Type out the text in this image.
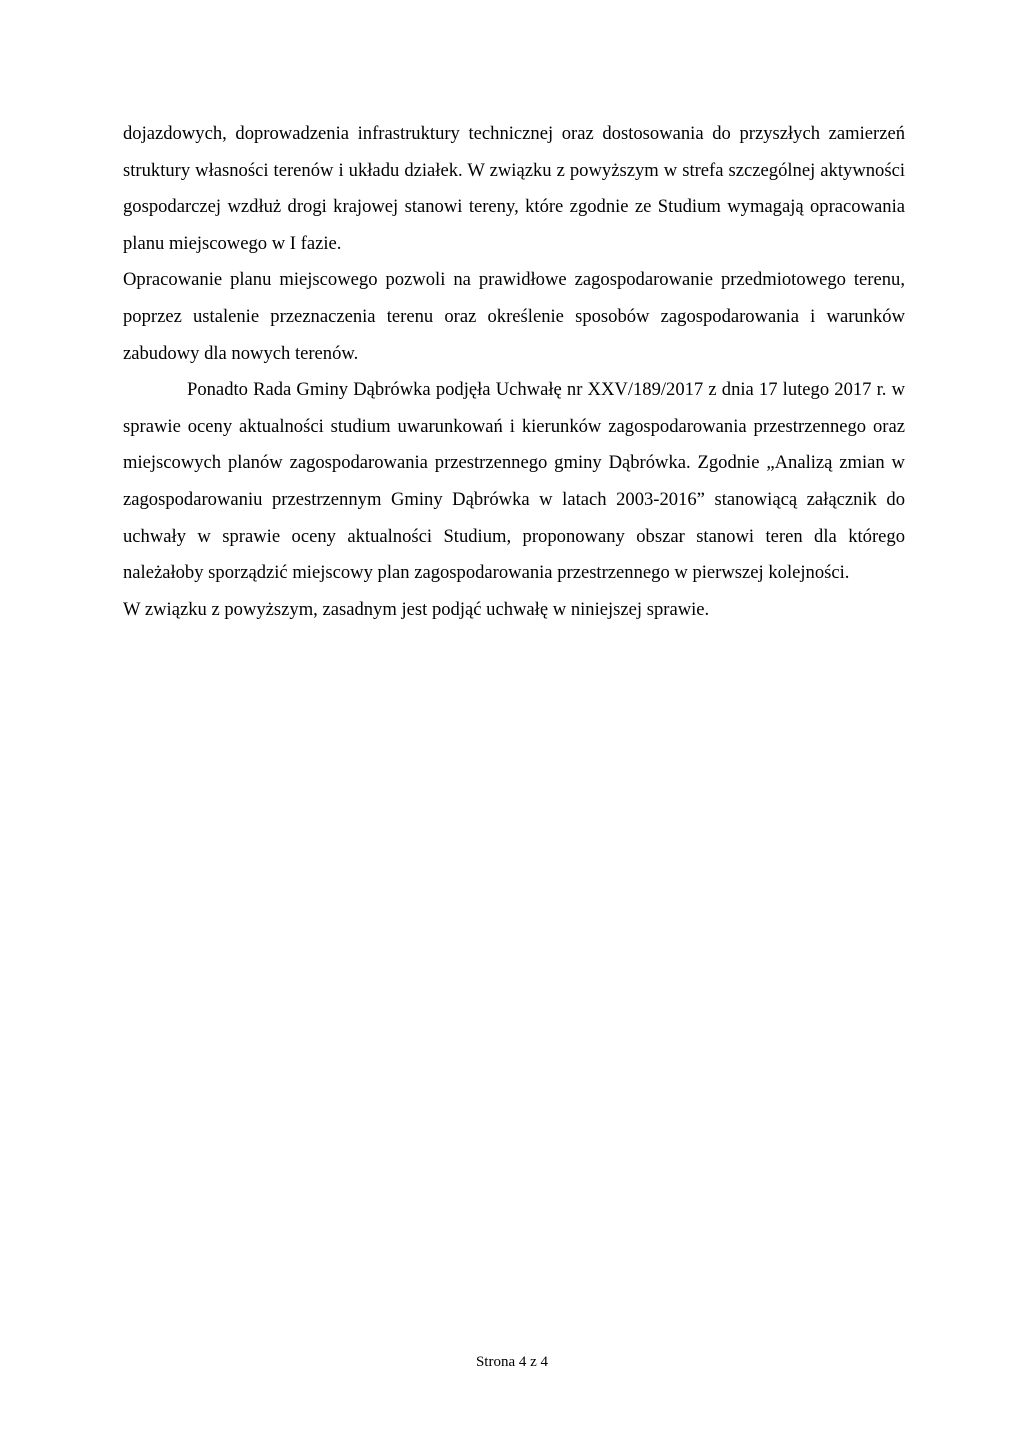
dojazdowych, doprowadzenia infrastruktury technicznej oraz dostosowania do przyszłych zamierzeń struktury własności terenów i układu działek. W związku z powyższym w strefa szczególnej aktywności gospodarczej wzdłuż drogi krajowej stanowi tereny, które zgodnie ze Studium wymagają opracowania planu miejscowego w I fazie.

Opracowanie planu miejscowego pozwoli na prawidłowe zagospodarowanie przedmiotowego terenu, poprzez ustalenie przeznaczenia terenu oraz określenie sposobów zagospodarowania i warunków zabudowy dla nowych terenów.

Ponadto Rada Gminy Dąbrówka podjęła Uchwałę nr XXV/189/2017 z dnia 17 lutego 2017 r. w sprawie oceny aktualności studium uwarunkowań i kierunków zagospodarowania przestrzennego oraz miejscowych planów zagospodarowania przestrzennego gminy Dąbrówka. Zgodnie „Analizą zmian w zagospodarowaniu przestrzennym Gminy Dąbrówka w latach 2003-2016” stanowiącą załącznik do uchwały w sprawie oceny aktualności Studium, proponowany obszar stanowi teren dla którego należałoby sporządzić miejscowy plan zagospodarowania przestrzennego w pierwszej kolejności.

W związku z powyższym, zasadnym jest podjąć uchwałę w niniejszej sprawie.

Strona 4 z 4
